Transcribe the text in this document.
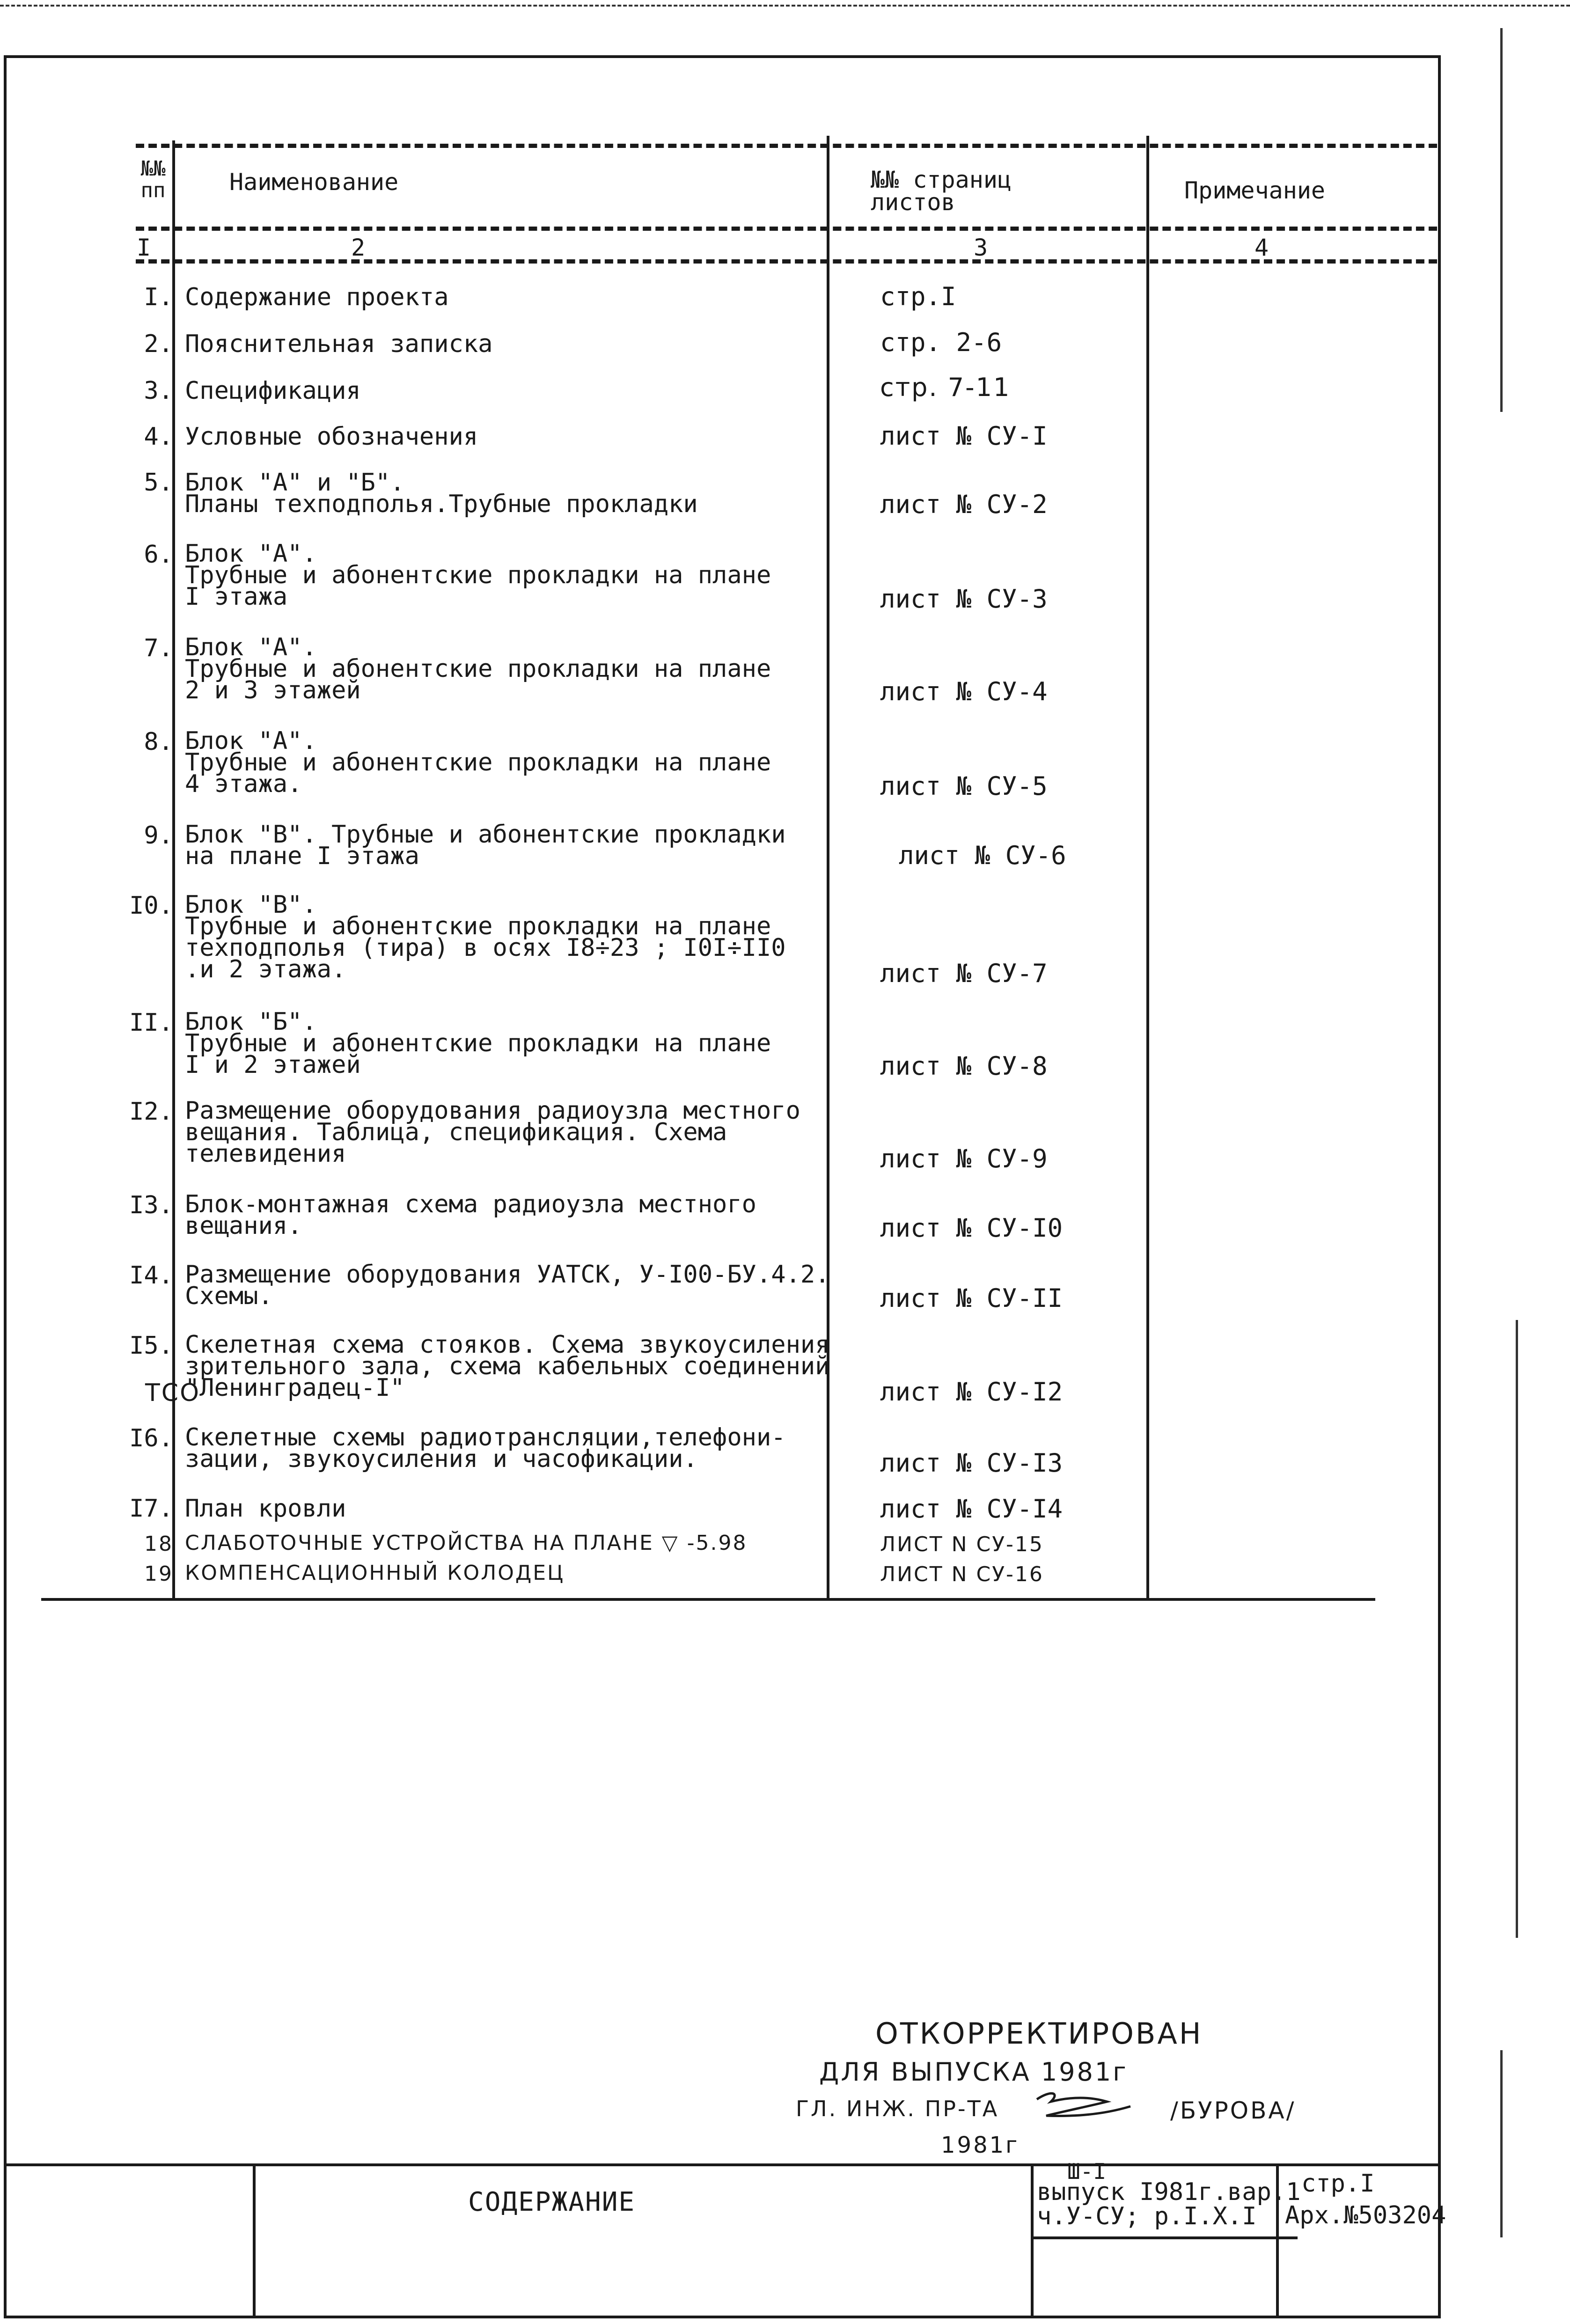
№№ пп	Наименование	№№ страниц листов	Примечание
I	2	3	4
I. Содержание проекта	стр.I
2. Пояснительная записка	стр. 2-6
3. Спецификация	стр. 7-11
4. Условные обозначения	лист № СУ-I
5. Блок "А" и "Б".
Планы техподполья.Трубные прокладки	лист № СУ-2
6. Блок "А".
Трубные и абонентские прокладки на плане
I этажа	лист № СУ-3
7. Блок "А".
Трубные и абонентские прокладки на плане
2 и 3 этажей	лист № СУ-4
8. Блок "А".
Трубные и абонентские прокладки на плане
4 этажа.	лист № СУ-5
9. Блок "В". Трубные и абонентские прокладки
на плане I этажа	лист № СУ-6
I0. Блок "В".
Трубные и абонентские прокладки на плане
техподполья (тира) в осях I8÷23 ; I0I÷II0
.и 2 этажа.	лист № СУ-7
II. Блок "Б".
Трубные и абонентские прокладки на плане
I и 2 этажей	лист № СУ-8
I2. Размещение оборудования радиоузла местного
вещания. Таблица, спецификация. Схема
телевидения	лист № СУ-9
I3. Блок-монтажная схема радиоузла местного
вещания.	лист № СУ-I0
I4. Размещение оборудования УАТСК, У-I00-БУ.4.2.
Схемы.	лист № СУ-II
I5. Скелетная схема стояков. Схема звукоусиления
зрительного зала, схема кабельных соединений
"Ленинградец-I"	лист № СУ-I2
ТСО
I6. Скелетные схемы радиотрансляции,телефони-
зации, звукоусиления и часофикации.	лист № СУ-I3
I7. План кровли	лист № СУ-I4
18 СЛАБОТОЧНЫЕ УСТРОЙСТВА НА ПЛАНЕ ▽ -5.98	ЛИСТ N СУ-15
19 КОМПЕНСАЦИОННЫЙ КОЛОДЕЦ	ЛИСТ N СУ-16
ОТКОРРЕКТИРОВАН
ДЛЯ ВЫПУСКА 1981г
ГЛ. ИНЖ. ПР-ТА	/БУРОВА/
1981г
СОДЕРЖАНИЕ
Ш-I
выпуск I981г.вар.1
ч.У-СУ; р.I.Х.I
стр.I
Арх.№503204
